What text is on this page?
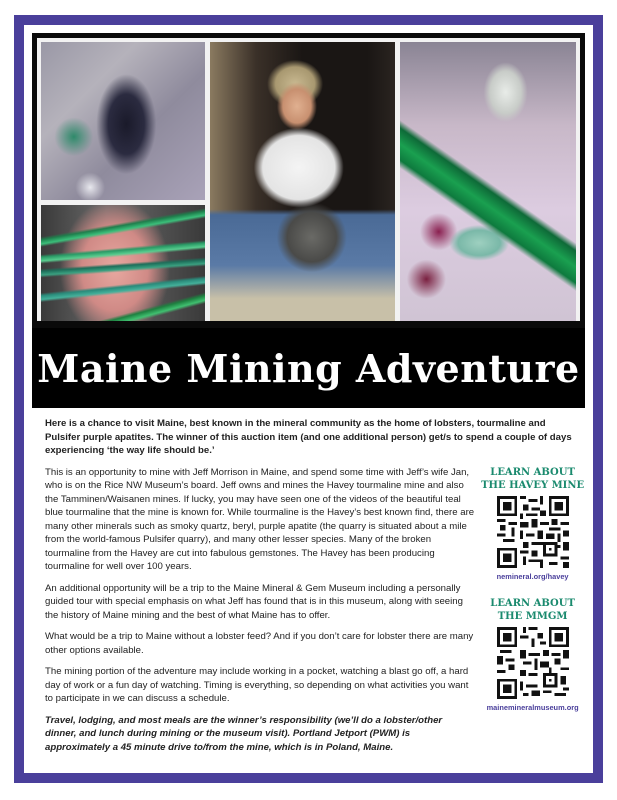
Maine Mining Adventure

Here is a chance to visit Maine, best known in the mineral community as the home of lobsters, tourmaline and Pulsifer purple apatites. The winner of this auction item (and one additional person) get/s to spend a couple of days experiencing ‘the way life should be.’

This is an opportunity to mine with Jeff Morrison in Maine, and spend some time with Jeff’s wife Jan, who is on the Rice NW Museum’s board. Jeff owns and mines the Havey tourmaline mine and also the Tamminen/Waisanen mines. If lucky, you may have seen one of the videos of the beautiful teal blue tourmaline that the mine is known for. While tourmaline is the Havey’s best known find, there are many other minerals such as smoky quartz, beryl, purple apatite (the quarry is situated about a mile from the world-famous Pulsifer quarry), and many other lesser species. Many of the broken tourmaline from the Havey are cut into fabulous gemstones. The Havey has been producing tourmaline for well over 100 years.

An additional opportunity will be a trip to the Maine Mineral & Gem Museum including a personally guided tour with special emphasis on what Jeff has found that is in this museum, along with seeing the history of Maine mining and the best of what Maine has to offer.

What would be a trip to Maine without a lobster feed? And if you don’t care for lobster there are many other options available.

The mining portion of the adventure may include working in a pocket, watching a blast go off, a hard day of work or a fun day of watching. Timing is everything, so depending on what activities you want to participate in we can discuss a schedule.

Travel, lodging, and most meals are the winner’s responsibility (we’ll do a lobster/other dinner, and lunch during mining or the museum visit). Portland Jetport (PWM) is approximately a 45 minute drive to/from the mine, which is in Poland, Maine.

LEARN ABOUT
THE HAVEY MINE

nemineral.org/havey

LEARN ABOUT
THE MMGM

mainemineralmuseum.org
